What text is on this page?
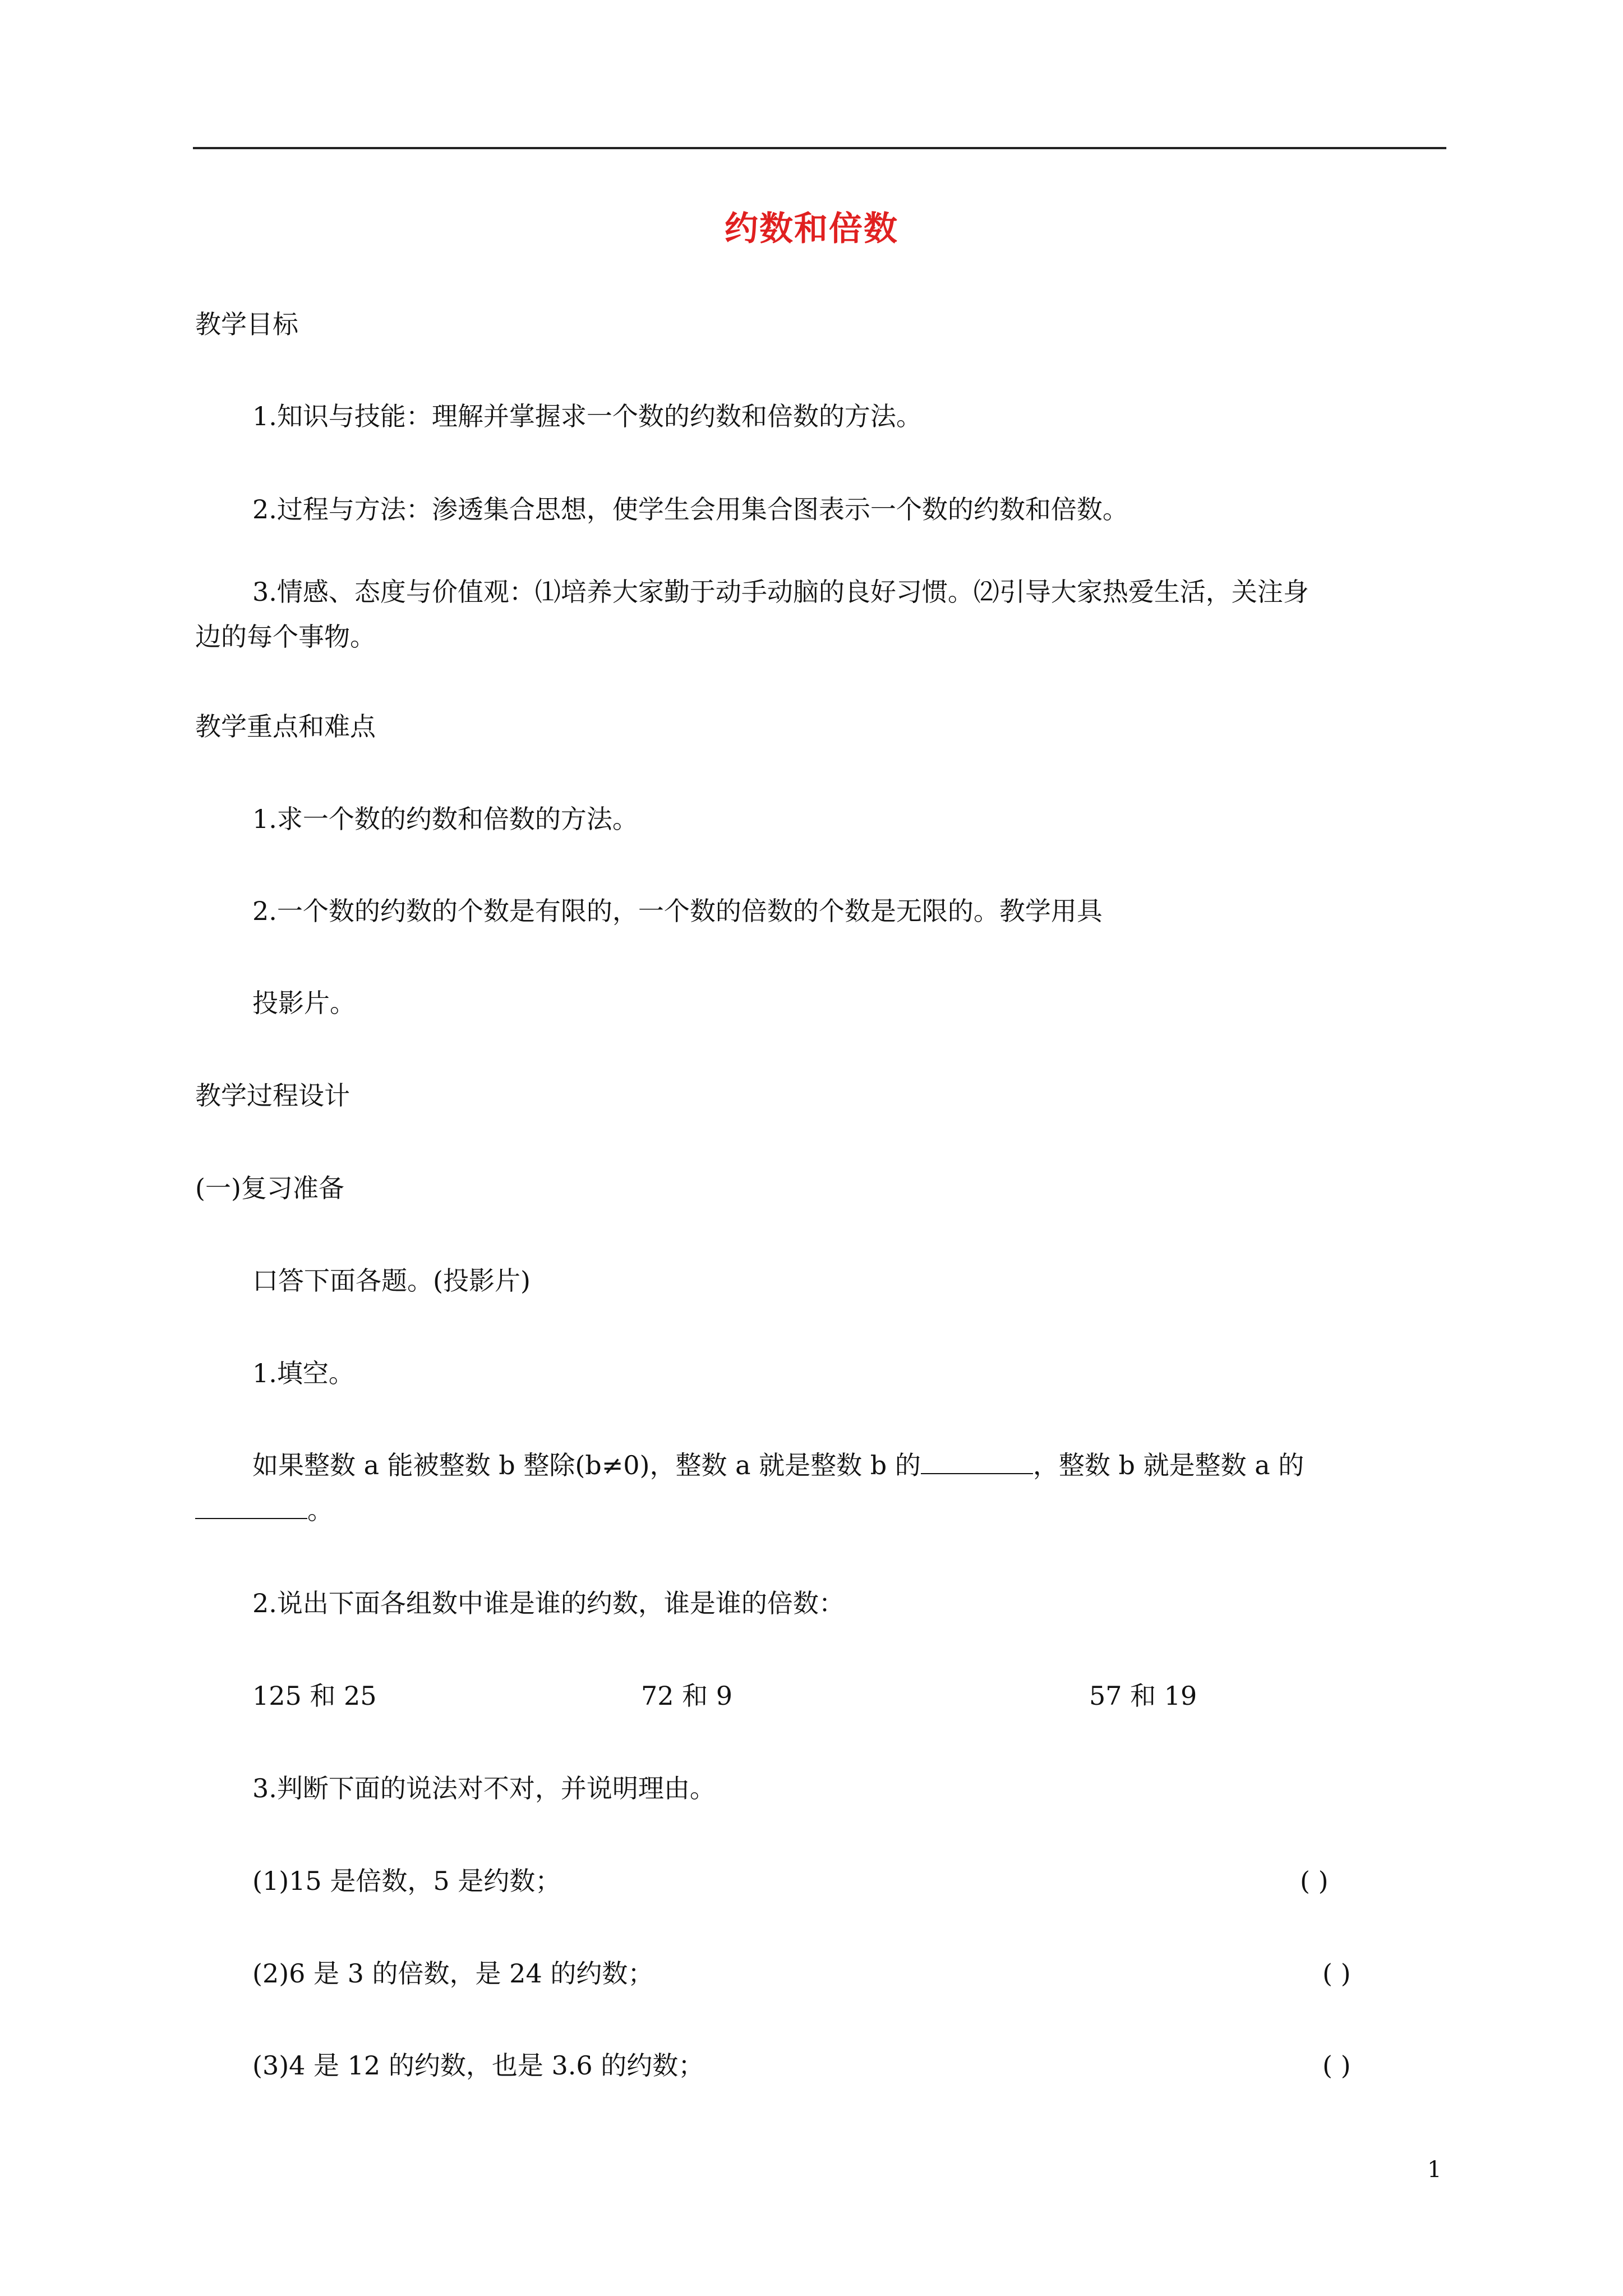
约数和倍数
教学目标
1.知识与技能：理解并掌握求一个数的约数和倍数的方法。
2.过程与方法：渗透集合思想，使学生会用集合图表示一个数的约数和倍数。
3.情感、态度与价值观：⑴培养大家勤于动手动脑的良好习惯。⑵引导大家热爱生活，关注身
边的每个事物。
教学重点和难点
1.求一个数的约数和倍数的方法。
2.一个数的约数的个数是有限的，一个数的倍数的个数是无限的。教学用具
投影片。
教学过程设计
(一)复习准备
口答下面各题。(投影片)
1.填空。
如果整数 a 能被整数 b 整除(b≠0)，整数 a 就是整数 b 的	，整数 b 就是整数 a 的
。
2.说出下面各组数中谁是谁的约数，谁是谁的倍数：
125 和 25	72 和 9	57 和 19
3.判断下面的说法对不对，并说明理由。
(1)15 是倍数，5 是约数；	( )
(2)6 是 3 的倍数，是 24 的约数；	( )
(3)4 是 12 的约数，也是 3.6 的约数；	( )
1
